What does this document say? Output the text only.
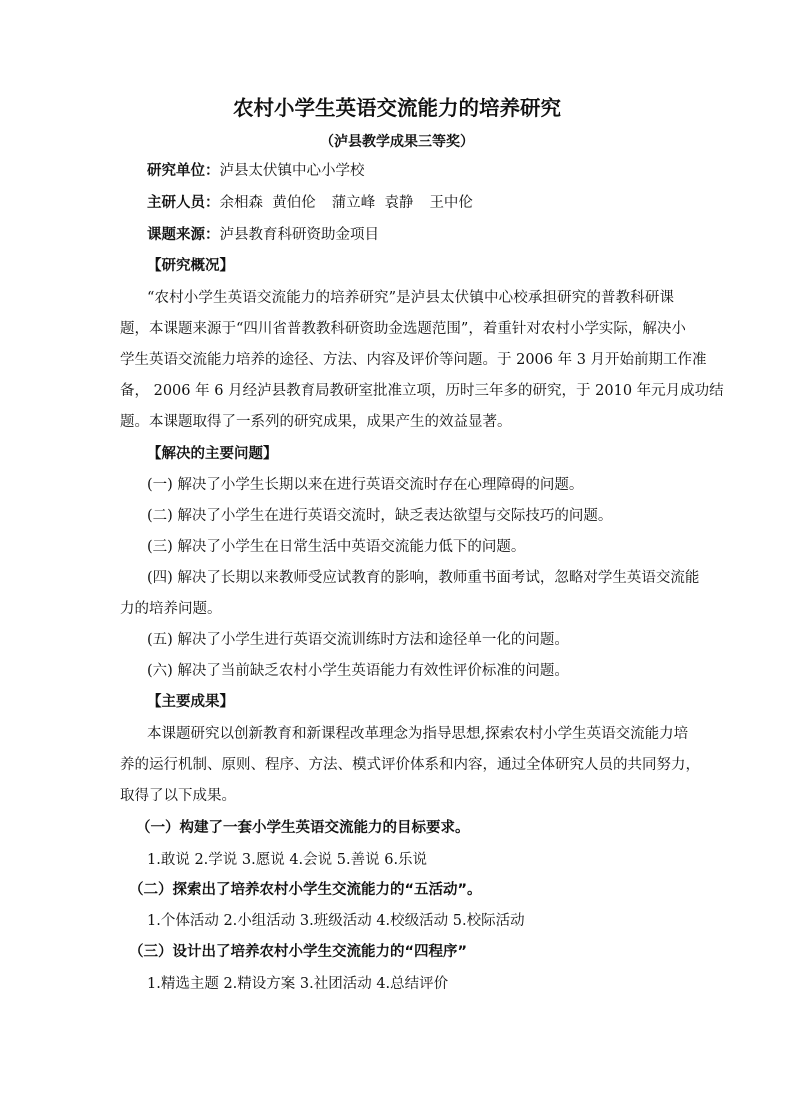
农村小学生英语交流能力的培养研究
（泸县教学成果三等奖）
研究单位：泸县太伏镇中心小学校
主研人员：余相森 黄伯伦 蒲立峰 袁静 王中伦
课题来源：泸县教育科研资助金项目
【研究概况】
“农村小学生英语交流能力的培养研究”是泸县太伏镇中心校承担研究的普教科研课
题，本课题来源于“四川省普教教科研资助金选题范围”，着重针对农村小学实际，解决小
学生英语交流能力培养的途径、方法、内容及评价等问题。于 2006 年 3 月开始前期工作准
备， 2006 年 6 月经泸县教育局教研室批准立项，历时三年多的研究，于 2010 年元月成功结
题。本课题取得了一系列的研究成果，成果产生的效益显著。
【解决的主要问题】
(一) 解决了小学生长期以来在进行英语交流时存在心理障碍的问题。
(二) 解决了小学生在进行英语交流时，缺乏表达欲望与交际技巧的问题。
(三) 解决了小学生在日常生活中英语交流能力低下的问题。
(四) 解决了长期以来教师受应试教育的影响，教师重书面考试，忽略对学生英语交流能
力的培养问题。
(五) 解决了小学生进行英语交流训练时方法和途径单一化的问题。
(六) 解决了当前缺乏农村小学生英语能力有效性评价标准的问题。
【主要成果】
本课题研究以创新教育和新课程改革理念为指导思想,探索农村小学生英语交流能力培
养的运行机制、原则、程序、方法、模式评价体系和内容，通过全体研究人员的共同努力，
取得了以下成果。
（一）构建了一套小学生英语交流能力的目标要求。
1.敢说 2.学说 3.愿说 4.会说 5.善说 6.乐说
（二）探索出了培养农村小学生交流能力的“五活动”。
1.个体活动 2.小组活动 3.班级活动 4.校级活动 5.校际活动
（三）设计出了培养农村小学生交流能力的“四程序”
1.精选主题 2.精设方案 3.社团活动 4.总结评价
